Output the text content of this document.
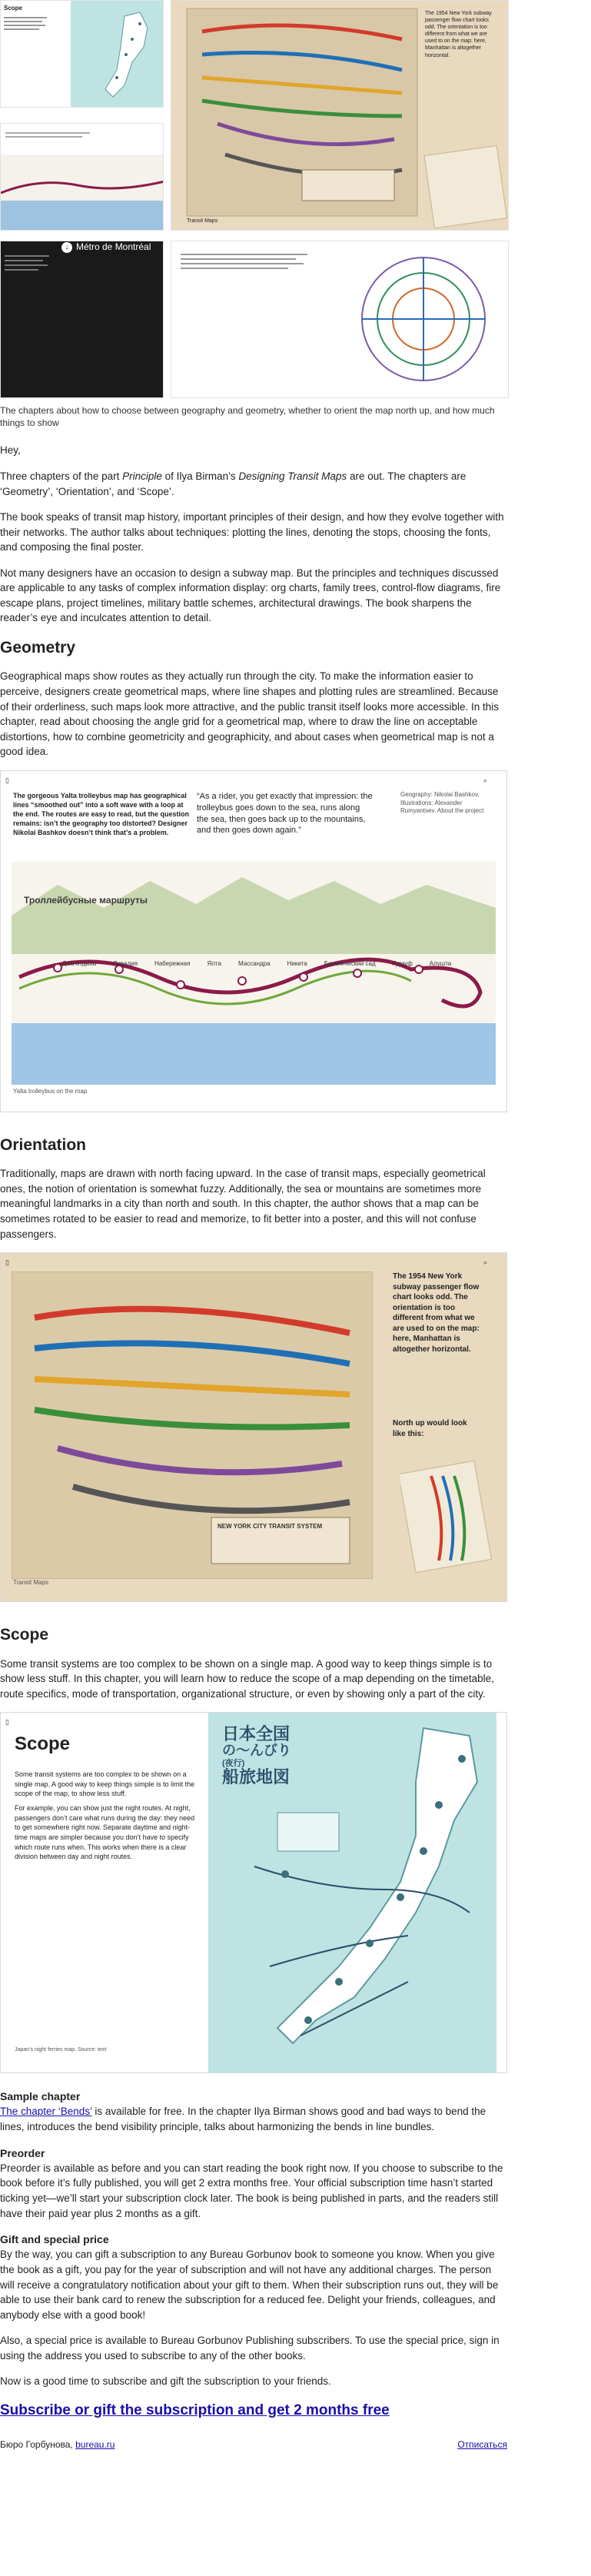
Scope
The 1954 New York subway passenger flow chart looks odd. The orientation is too different from what we are used to on the map: here, Manhattan is altogether horizontal.
Transit Maps
↓ Métro de Montréal
The chapters about how to choose between geography and geometry, whether to orient the map north up, and how much things to show

Hey,

Three chapters of the part Principle of Ilya Birman’s Designing Transit Maps are out. The chapters are ‘Geometry’, ‘Orientation’, and ‘Scope’.

The book speaks of transit map history, important principles of their design, and how they evolve together with their networks. The author talks about techniques: plotting the lines, denoting the stops, choosing the fonts, and composing the final poster.

Not many designers have an occasion to design a subway map. But the principles and techniques discussed are applicable to any tasks of complex information display: org charts, family trees, control-flow diagrams, fire escape plans, project timelines, military battle schemes, architectural drawings. The book sharpens the reader’s eye and inculcates attention to detail.

Geometry

Geographical maps show routes as they actually run through the city. To make the information easier to perceive, designers create geometrical maps, where line shapes and plotting rules are streamlined. Because of their orderliness, such maps look more attractive, and the public transit itself looks more accessible. In this chapter, read about choosing the angle grid for a geometrical map, where to draw the line on acceptable distortions, how to combine geometricity and geographicity, and about cases when geometrical map is not a good idea.

▯	⌕
The gorgeous Yalta trolleybus map has geographical lines “smoothed out” into a soft wave with a loop at the end. The routes are easy to read, but the question remains: isn’t the geography too distorted? Designer Nikolai Bashkov doesn’t think that’s a problem.
“As a rider, you get exactly that impression: the trolleybus goes down to the sea, runs along the sea, then goes back up to the mountains, and then goes down again.”
Geography: Nikolai Bashkov, Illustrations: Alexander Rumyantsev. About the project
Троллейбусные маршруты
Дом отдыха	Ливадия	Набережная	Ялта	Массандра	Никита	Ботанический сад	Гурзуф	Алушта
Yalta trolleybus on the map
Orientation

Traditionally, maps are drawn with north facing upward. In the case of transit maps, especially geometrical ones, the notion of orientation is somewhat fuzzy. Additionally, the sea or mountains are sometimes more meaningful landmarks in a city than north and south. In this chapter, the author shows that a map can be sometimes rotated to be easier to read and memorize, to fit better into a poster, and this will not confuse passengers.

▯	⌕
NEW YORK CITY TRANSIT SYSTEM
The 1954 New York subway passenger flow chart looks odd. The orientation is too different from what we are used to on the map: here, Manhattan is altogether horizontal.
North up would look like this:
Transit Maps
Scope

Some transit systems are too complex to be shown on a single map. A good way to keep things simple is to show less stuff. In this chapter, you will learn how to reduce the scope of a map depending on the timetable, route specifics, mode of transportation, organizational structure, or even by showing only a part of the city.

▯
Scope
Some transit systems are too complex to be shown on a single map. A good way to keep things simple is to limit the scope of the map, to show less stuff.
For example, you can show just the night routes. At night, passengers don’t care what runs during the day: they need to get somewhere right now. Separate daytime and night-time maps are simpler because you don’t have to specify which route runs when. This works when there is a clear division between day and night routes.
Japan’s night ferries map. Source: text
日本全国
の〜んびり
(夜行)
船旅地図
Sample chapter

The chapter ‘Bends’ is available for free. In the chapter Ilya Birman shows good and bad ways to bend the lines, introduces the bend visibility principle, talks about harmonizing the bends in line bundles.

Preorder

Preorder is available as before and you can start reading the book right now. If you choose to subscribe to the book before it’s fully published, you will get 2 extra months free. Your official subscription time hasn’t started ticking yet—we’ll start your subscription clock later. The book is being published in parts, and the readers still have their paid year plus 2 months as a gift.

Gift and special price

By the way, you can gift a subscription to any Bureau Gorbunov book to someone you know. When you give the book as a gift, you pay for the year of subscription and will not have any additional charges. The person will receive a congratulatory notification about your gift to them. When their subscription runs out, they will be able to use their bank card to renew the subscription for a reduced fee. Delight your friends, colleagues, and anybody else with a good book!

Also, a special price is available to Bureau Gorbunov Publishing subscribers. To use the special price, sign in using the address you used to subscribe to any of the other books.

Now is a good time to subscribe and gift the subscription to your friends.

Subscribe or gift the subscription and get 2 months free
Бюро Горбунова, bureau.ru	Отписаться
